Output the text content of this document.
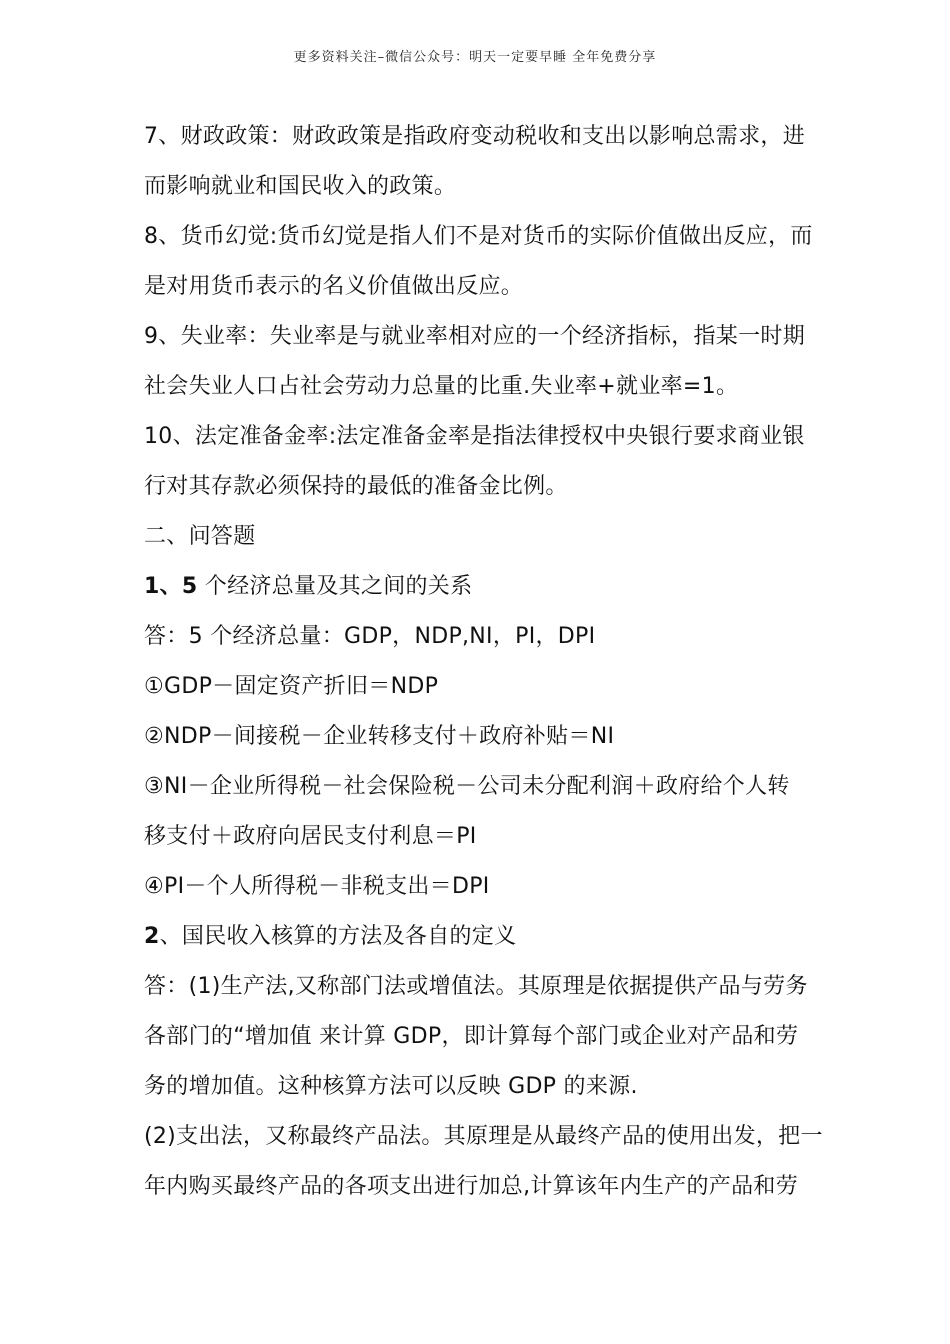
更多资料关注–微信公众号：明天一定要早睡 全年免费分享
7、财政政策：财政政策是指政府变动税收和支出以影响总需求，进
而影响就业和国民收入的政策。
8、货币幻觉:货币幻觉是指人们不是对货币的实际价值做出反应，而
是对用货币表示的名义价值做出反应。
9、失业率：失业率是与就业率相对应的一个经济指标，指某一时期
社会失业人口占社会劳动力总量的比重.失业率+就业率=1。
10、法定准备金率:法定准备金率是指法律授权中央银行要求商业银
行对其存款必须保持的最低的准备金比例。
二、问答题
1、5 个经济总量及其之间的关系
答：5 个经济总量：GDP，NDP,NI，PI，DPI
①GDP－固定资产折旧＝NDP
②NDP－间接税－企业转移支付＋政府补贴＝NI
③NI－企业所得税－社会保险税－公司未分配利润＋政府给个人转
移支付＋政府向居民支付利息＝PI
④PI－个人所得税－非税支出＝DPI
2、国民收入核算的方法及各自的定义
答：(1)生产法,又称部门法或增值法。其原理是依据提供产品与劳务
各部门的“增加值 来计算 GDP，即计算每个部门或企业对产品和劳
务的增加值。这种核算方法可以反映 GDP 的来源.
(2)支出法，又称最终产品法。其原理是从最终产品的使用出发，把一
年内购买最终产品的各项支出进行加总,计算该年内生产的产品和劳
